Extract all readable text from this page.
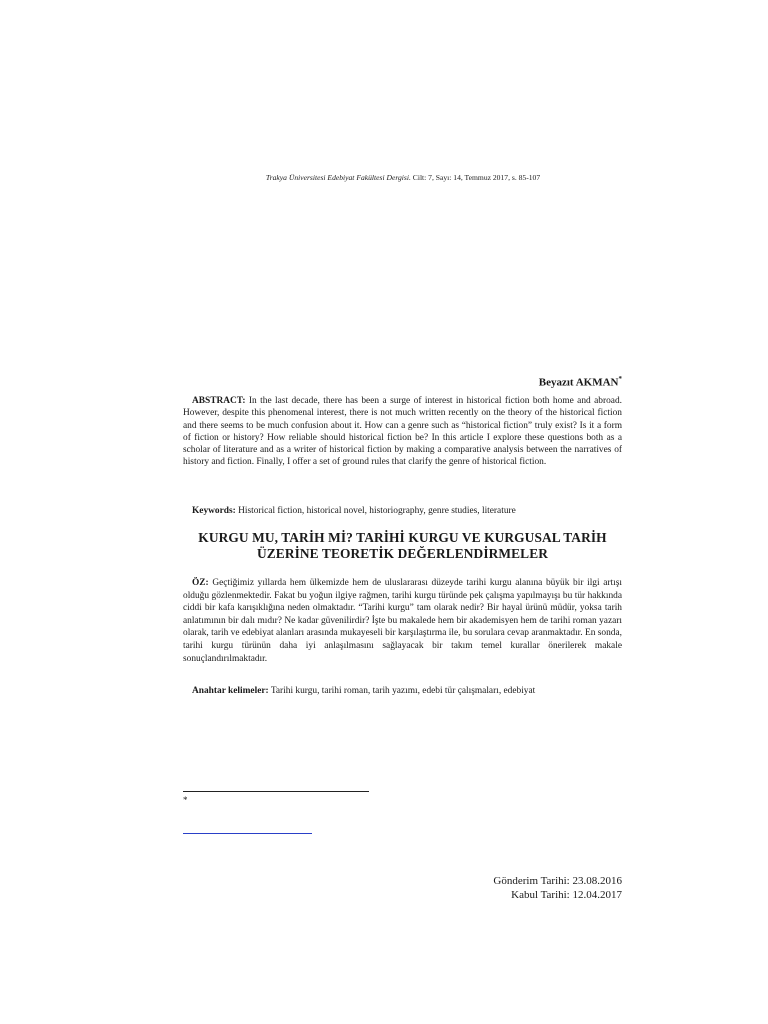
Trakya Üniversitesi Edebiyat Fakültesi Dergisi. Cilt: 7, Sayı: 14, Temmuz 2017, s. 85-107
Beyazıt AKMAN*

ABSTRACT: In the last decade, there has been a surge of interest in historical fiction both home and abroad. However, despite this phenomenal interest, there is not much written recently on the theory of the historical fiction and there seems to be much confusion about it. How can a genre such as “historical fiction” truly exist? Is it a form of fiction or history? How reliable should historical fiction be? In this article I explore these questions both as a scholar of literature and as a writer of historical fiction by making a comparative analysis between the narratives of history and fiction. Finally, I offer a set of ground rules that clarify the genre of historical fiction.

Keywords: Historical fiction, historical novel, historiography, genre studies, literature

KURGU MU, TARİH Mİ? TARİHİ KURGU VE KURGUSAL TARİH
ÜZERİNE TEORETİK DEĞERLENDİRMELER

ÖZ: Geçtiğimiz yıllarda hem ülkemizde hem de uluslararası düzeyde tarihi kurgu alanına büyük bir ilgi artışı olduğu gözlenmektedir. Fakat bu yoğun ilgiye rağmen, tarihi kurgu türünde pek çalışma yapılmayışı bu tür hakkında ciddi bir kafa karışıklığına neden olmaktadır. “Tarihi kurgu” tam olarak nedir? Bir hayal ürünü müdür, yoksa tarih anlatımının bir dalı mıdır? Ne kadar güvenilirdir? İşte bu makalede hem bir akademisyen hem de tarihi roman yazarı olarak, tarih ve edebiyat alanları arasında mukayeseli bir karşılaştırma ile, bu sorulara cevap aranmaktadır. En sonda, tarihi kurgu türünün daha iyi anlaşılmasını sağlayacak bir takım temel kurallar önerilerek makale sonuçlandırılmaktadır.

Anahtar kelimeler: Tarihi kurgu, tarihi roman, tarih yazımı, edebi tür çalışmaları, edebiyat

*
Gönderim Tarihi: 23.08.2016
Kabul Tarihi: 12.04.2017
